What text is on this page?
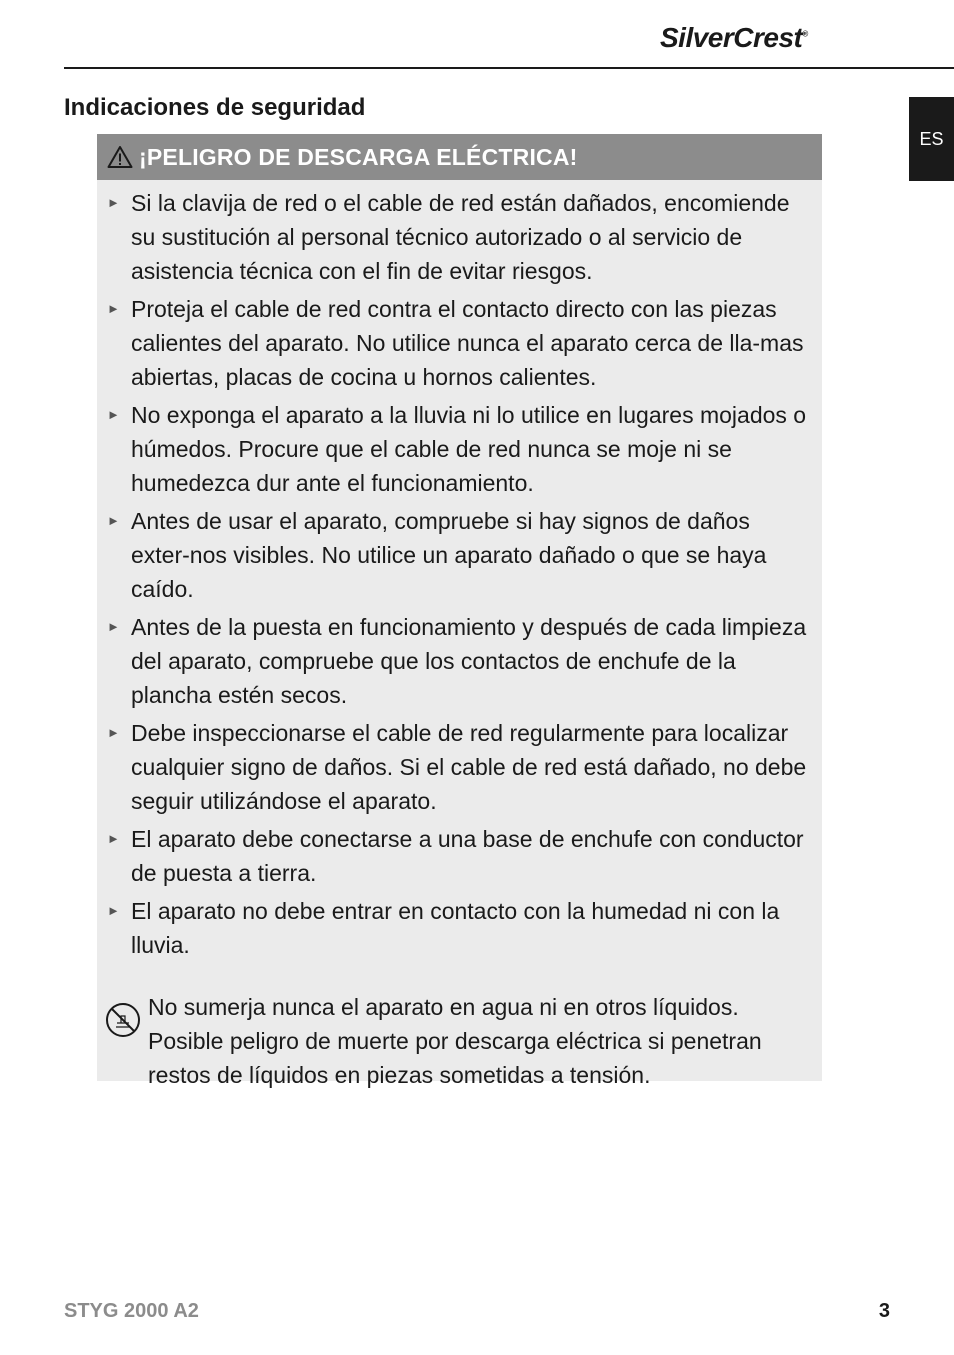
SilverCrest®
ES
Indicaciones de seguridad
¡PELIGRO DE DESCARGA ELÉCTRICA!
► Si la clavija de red o el cable de red están dañados, encomiende su sustitución al personal técnico autorizado o al servicio de asistencia técnica con el fin de evitar riesgos.
► Proteja el cable de red contra el contacto directo con las piezas calientes del aparato. No utilice nunca el aparato cerca de lla-mas abiertas, placas de cocina u hornos calientes.
► No exponga el aparato a la lluvia ni lo utilice en lugares mojados o húmedos. Procure que el cable de red nunca se moje ni se humedezca dur ante el funcionamiento.
► Antes de usar el aparato, compruebe si hay signos de daños exter-nos visibles. No utilice un aparato dañado o que se haya caído.
► Antes de la puesta en funcionamiento y después de cada limpieza del aparato, compruebe que los contactos de enchufe de la plancha estén secos.
► Debe inspeccionarse el cable de red regularmente para localizar cualquier signo de daños. Si el cable de red está dañado, no debe seguir utilizándose el aparato.
► El aparato debe conectarse a una base de enchufe con conductor de puesta a tierra.
► El aparato no debe entrar en contacto con la humedad ni con la lluvia.
No sumerja nunca el aparato en agua ni en otros líquidos. Posible peligro de muerte por descarga eléctrica si penetran restos de líquidos en piezas sometidas a tensión.
STYG 2000 A2	3
